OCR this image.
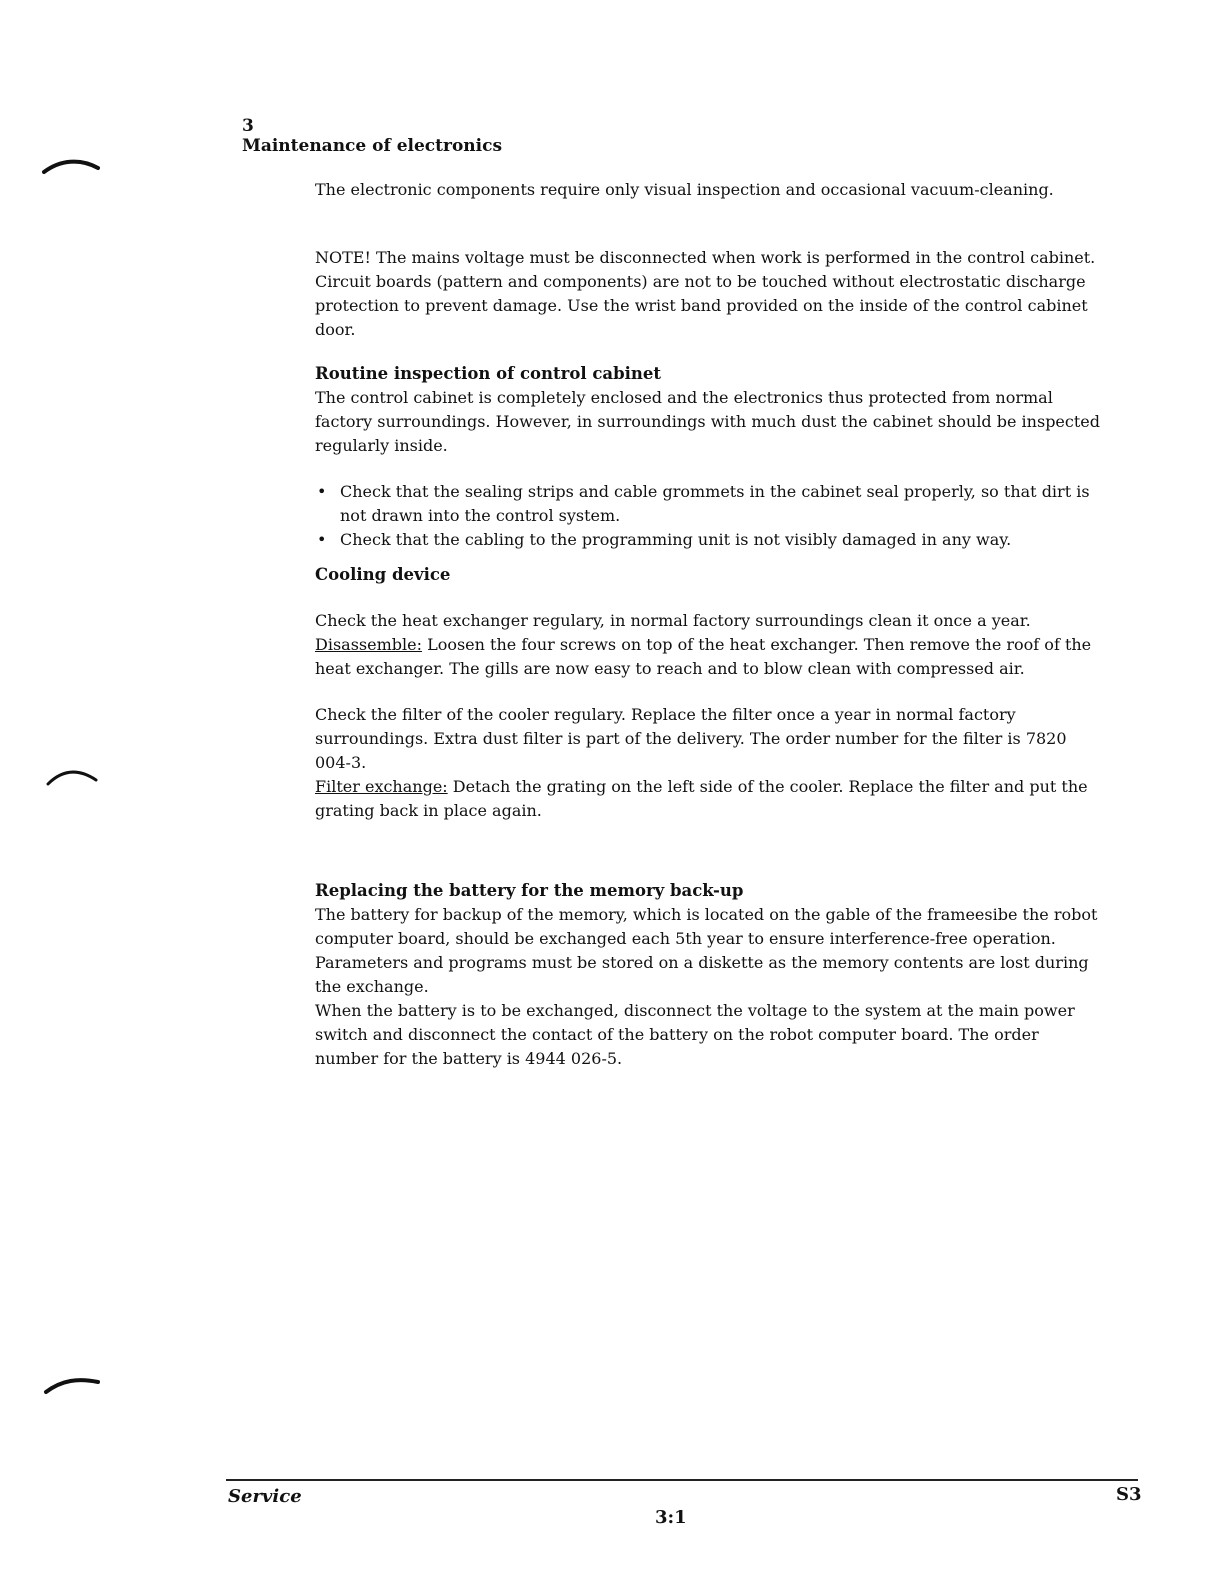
3
Maintenance of electronics

The electronic components require only visual inspection and occasional vacuum-cleaning.

NOTE! The mains voltage must be disconnected when work is performed in the control cabinet. Circuit boards (pattern and components) are not to be touched without electrostatic discharge protection to prevent damage. Use the wrist band provided on the inside of the control cabinet door.

Routine inspection of control cabinet

The control cabinet is completely enclosed and the electronics thus protected from normal factory surroundings. However, in surroundings with much dust the cabinet should be inspected regularly inside.

• Check that the sealing strips and cable grommets in the cabinet seal properly, so that dirt is not drawn into the control system.
• Check that the cabling to the programming unit is not visibly damaged in any way.
Cooling device

Check the heat exchanger regulary, in normal factory surroundings clean it once a year. Disassemble: Loosen the four screws on top of the heat exchanger. Then remove the roof of the heat exchanger. The gills are now easy to reach and to blow clean with compressed air.

Check the filter of the cooler regulary. Replace the filter once a year in normal factory surroundings. Extra dust filter is part of the delivery. The order number for the filter is 7820 004-3.

Filter exchange: Detach the grating on the left side of the cooler. Replace the filter and put the grating back in place again.

Replacing the battery for the memory back-up

The battery for backup of the memory, which is located on the gable of the frameesibe the robot computer board, should be exchanged each 5th year to ensure interference-free operation. Parameters and programs must be stored on a diskette as the memory contents are lost during the exchange.

When the battery is to be exchanged, disconnect the voltage to the system at the main power switch and disconnect the contact of the battery on the robot computer board. The order number for the battery is 4944 026-5.

Service	S3
3:1
